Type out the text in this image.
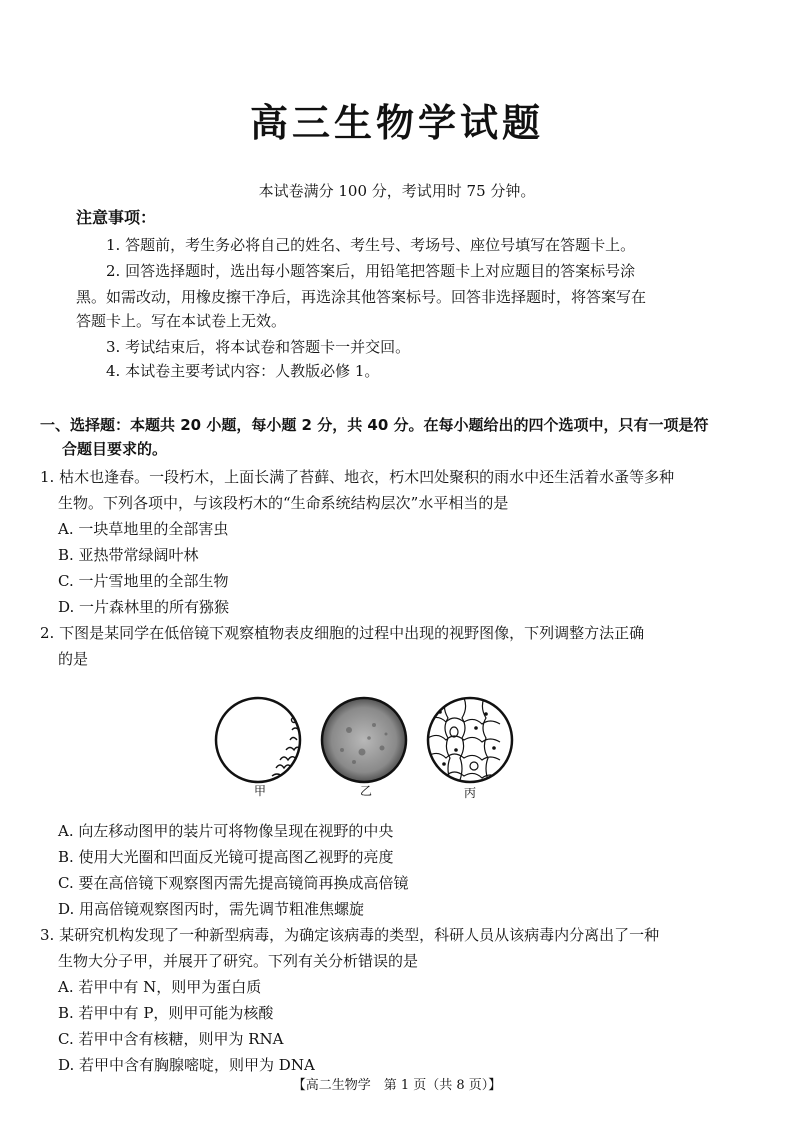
高三生物学试题
本试卷满分 100 分，考试用时 75 分钟。
注意事项：
1. 答题前，考生务必将自己的姓名、考生号、考场号、座位号填写在答题卡上。
2. 回答选择题时，选出每小题答案后，用铅笔把答题卡上对应题目的答案标号涂
黑。如需改动，用橡皮擦干净后，再选涂其他答案标号。回答非选择题时，将答案写在
答题卡上。写在本试卷上无效。
3. 考试结束后，将本试卷和答题卡一并交回。
4. 本试卷主要考试内容：人教版必修 1。
一、选择题：本题共 20 小题，每小题 2 分，共 40 分。在每小题给出的四个选项中，只有一项是符
合题目要求的。
1. 枯木也逢春。一段朽木，上面长满了苔藓、地衣，朽木凹处聚积的雨水中还生活着水蚤等多种
生物。下列各项中，与该段朽木的“生命系统结构层次”水平相当的是
A. 一块草地里的全部害虫
B. 亚热带常绿阔叶林
C. 一片雪地里的全部生物
D. 一片森林里的所有猕猴
2. 下图是某同学在低倍镜下观察植物表皮细胞的过程中出现的视野图像，下列调整方法正确
的是
甲	乙	丙
A. 向左移动图甲的装片可将物像呈现在视野的中央
B. 使用大光圈和凹面反光镜可提高图乙视野的亮度
C. 要在高倍镜下观察图丙需先提高镜筒再换成高倍镜
D. 用高倍镜观察图丙时，需先调节粗准焦螺旋
3. 某研究机构发现了一种新型病毒，为确定该病毒的类型，科研人员从该病毒内分离出了一种
生物大分子甲，并展开了研究。下列有关分析错误的是
A. 若甲中有 N，则甲为蛋白质
B. 若甲中有 P，则甲可能为核酸
C. 若甲中含有核糖，则甲为 RNA
D. 若甲中含有胸腺嘧啶，则甲为 DNA
【高二生物学　第 1 页（共 8 页）】
